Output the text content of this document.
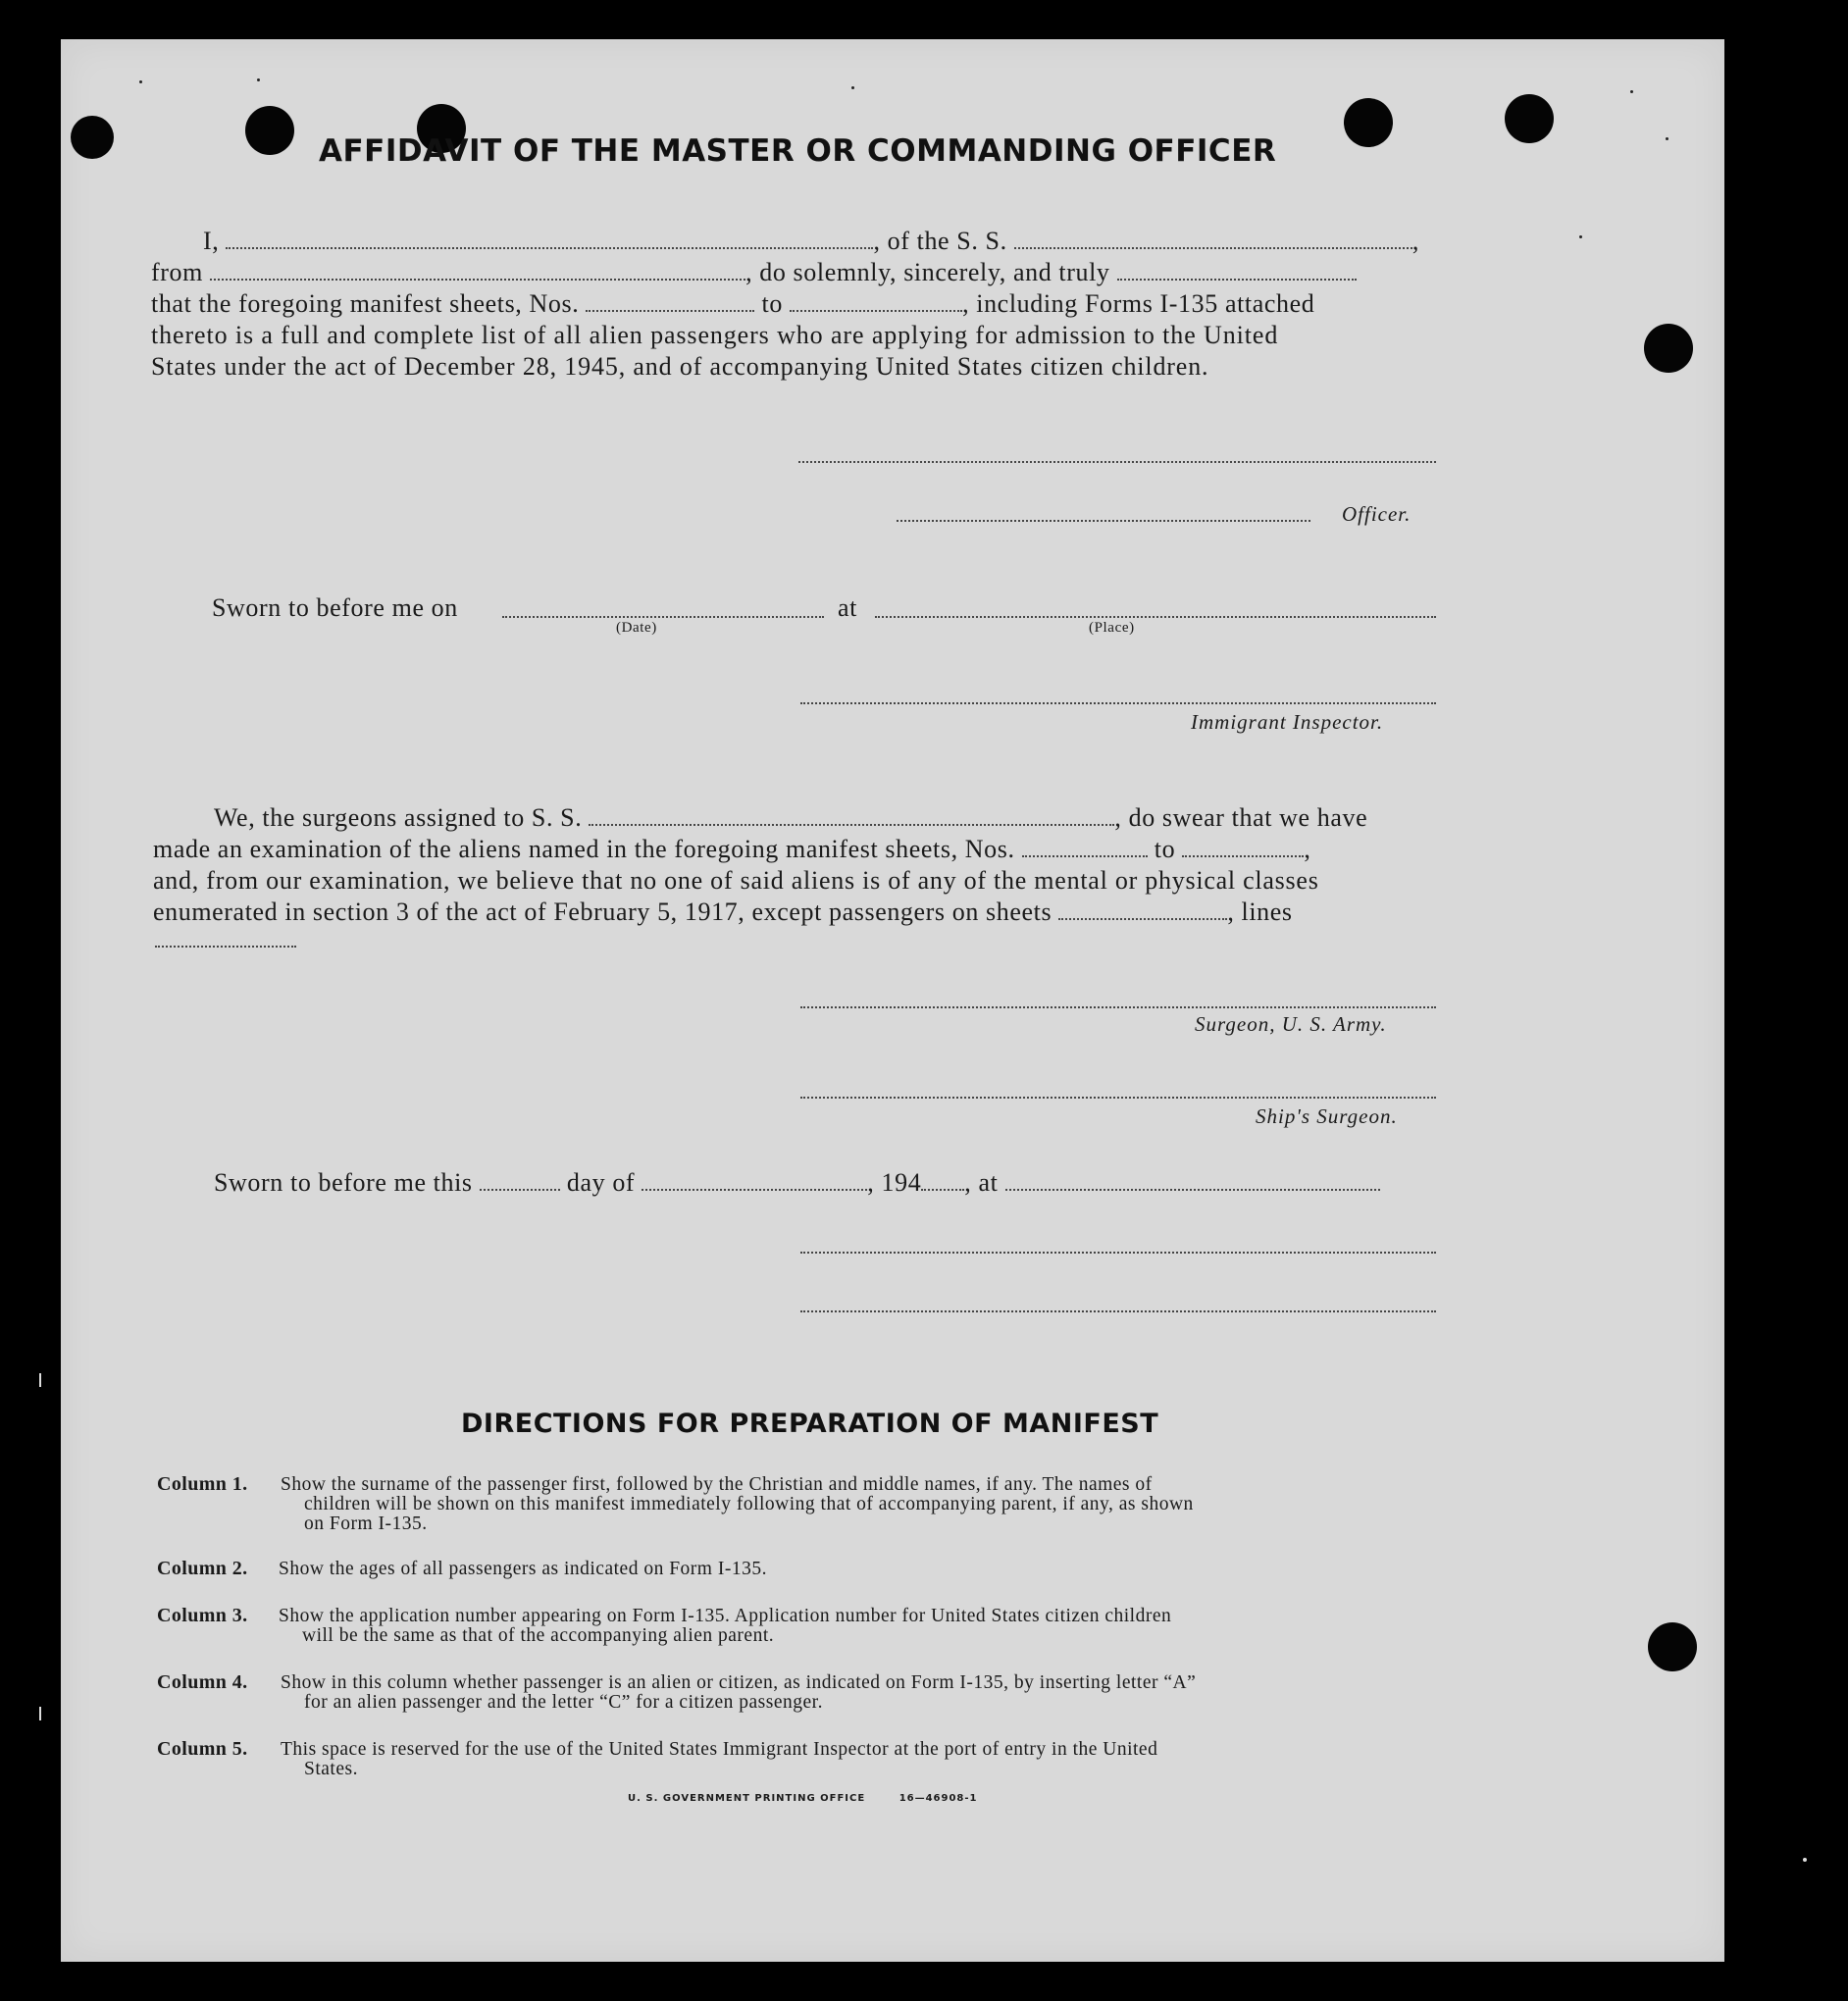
AFFIDAVIT OF THE MASTER OR COMMANDING OFFICER
I,	, of the S. S.	,
from	, do solemnly, sincerely, and truly
that the foregoing manifest sheets, Nos.	to	, including Forms I-135 attached
thereto is a full and complete list of all alien passengers who are applying for admission to the United
States under the act of December 28, 1945, and of accompanying United States citizen children.
Officer.
Sworn to before me on	at
(Date)	(Place)
Immigrant Inspector.
We, the surgeons assigned to S. S.	, do swear that we have
made an examination of the aliens named in the foregoing manifest sheets, Nos.	to	,
and, from our examination, we believe that no one of said aliens is of any of the mental or physical classes
enumerated in section 3 of the act of February 5, 1917, except passengers on sheets	, lines
Surgeon, U. S. Army.
Ship's Surgeon.
Sworn to before me this	day of	, 194 , at
DIRECTIONS FOR PREPARATION OF MANIFEST
Column 1. Show the surname of the passenger first, followed by the Christian and middle names, if any. The names of
children will be shown on this manifest immediately following that of accompanying parent, if any, as shown
on Form I-135.
Column 2. Show the ages of all passengers as indicated on Form I-135.
Column 3. Show the application number appearing on Form I-135. Application number for United States citizen children
will be the same as that of the accompanying alien parent.
Column 4. Show in this column whether passenger is an alien or citizen, as indicated on Form I-135, by inserting letter “A”
for an alien passenger and the letter “C” for a citizen passenger.
Column 5. This space is reserved for the use of the United States Immigrant Inspector at the port of entry in the United
States.
U. S. GOVERNMENT PRINTING OFFICE	16—46908-1
